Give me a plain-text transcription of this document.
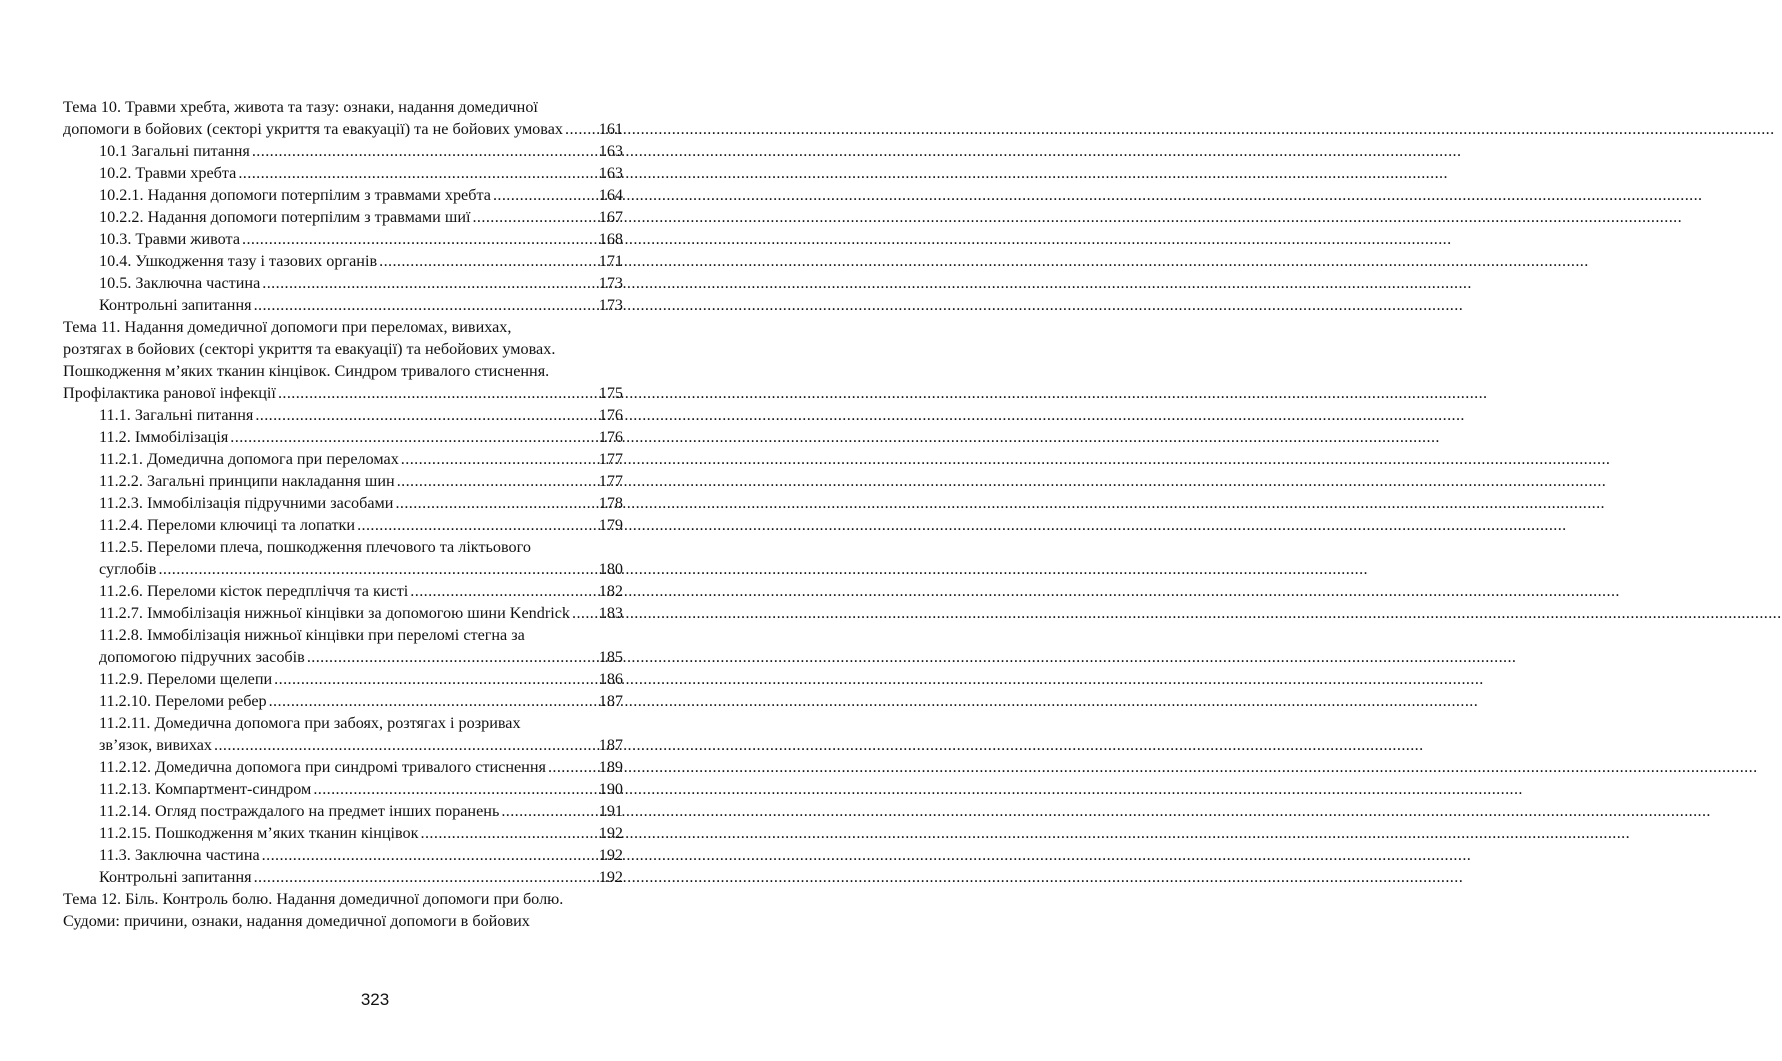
Тема 10. Травми хребта, живота та тазу: ознаки, надання домедичної
допомоги в бойових (секторі укриття та евакуації) та не бойових умовах ..... 161
10.1 Загальні питання .....	163
10.2. Травми хребта .....	163
10.2.1. Надання допомоги потерпілим з травмами хребта .....	164
10.2.2. Надання допомоги потерпілим з травмами шиї .....	167
10.3. Травми живота .....	168
10.4. Ушкодження тазу і тазових органів .....	171
10.5. Заключна частина .....	173
Контрольні запитання .....	173
Тема 11. Надання домедичної допомоги при переломах, вивихах,
розтягах в бойових (секторі укриття та евакуації) та небойових умовах.
Пошкодження м’яких тканин кінцівок. Синдром тривалого стиснення.
Профілактика ранової інфекції .....	175
11.1. Загальні питання .....	176
11.2. Іммобілізація .....	176
11.2.1. Домедична допомога при переломах .....	177
11.2.2. Загальні принципи накладання шин .....	177
11.2.3. Іммобілізація підручними засобами .....	178
11.2.4. Переломи ключиці та лопатки .....	179
11.2.5. Переломи плеча, пошкодження плечового та ліктьового
суглобів .....	180
11.2.6. Переломи кісток передпліччя та кисті .....	182
11.2.7. Іммобілізація нижньої кінцівки за допомогою шини Kendrick ..... 183
11.2.8. Іммобілізація нижньої кінцівки при переломі стегна за
допомогою підручних засобів .....	185
11.2.9. Переломи щелепи .....	186
11.2.10. Переломи ребер .....	187
11.2.11. Домедична допомога при забоях, розтягах і розривах
зв’язок, вивихах .....	187
11.2.12. Домедична допомога при синдромі тривалого стиснення .....	189
11.2.13. Компартмент-синдром .....	190
11.2.14. Огляд постраждалого на предмет інших поранень .....	191
11.2.15. Пошкодження м’яких тканин кінцівок .....	192
11.3. Заключна частина .....	192
Контрольні запитання .....	192
Тема 12. Біль. Контроль болю. Надання домедичної допомоги при болю.
Судоми: причини, ознаки, надання домедичної допомоги в бойових
323
